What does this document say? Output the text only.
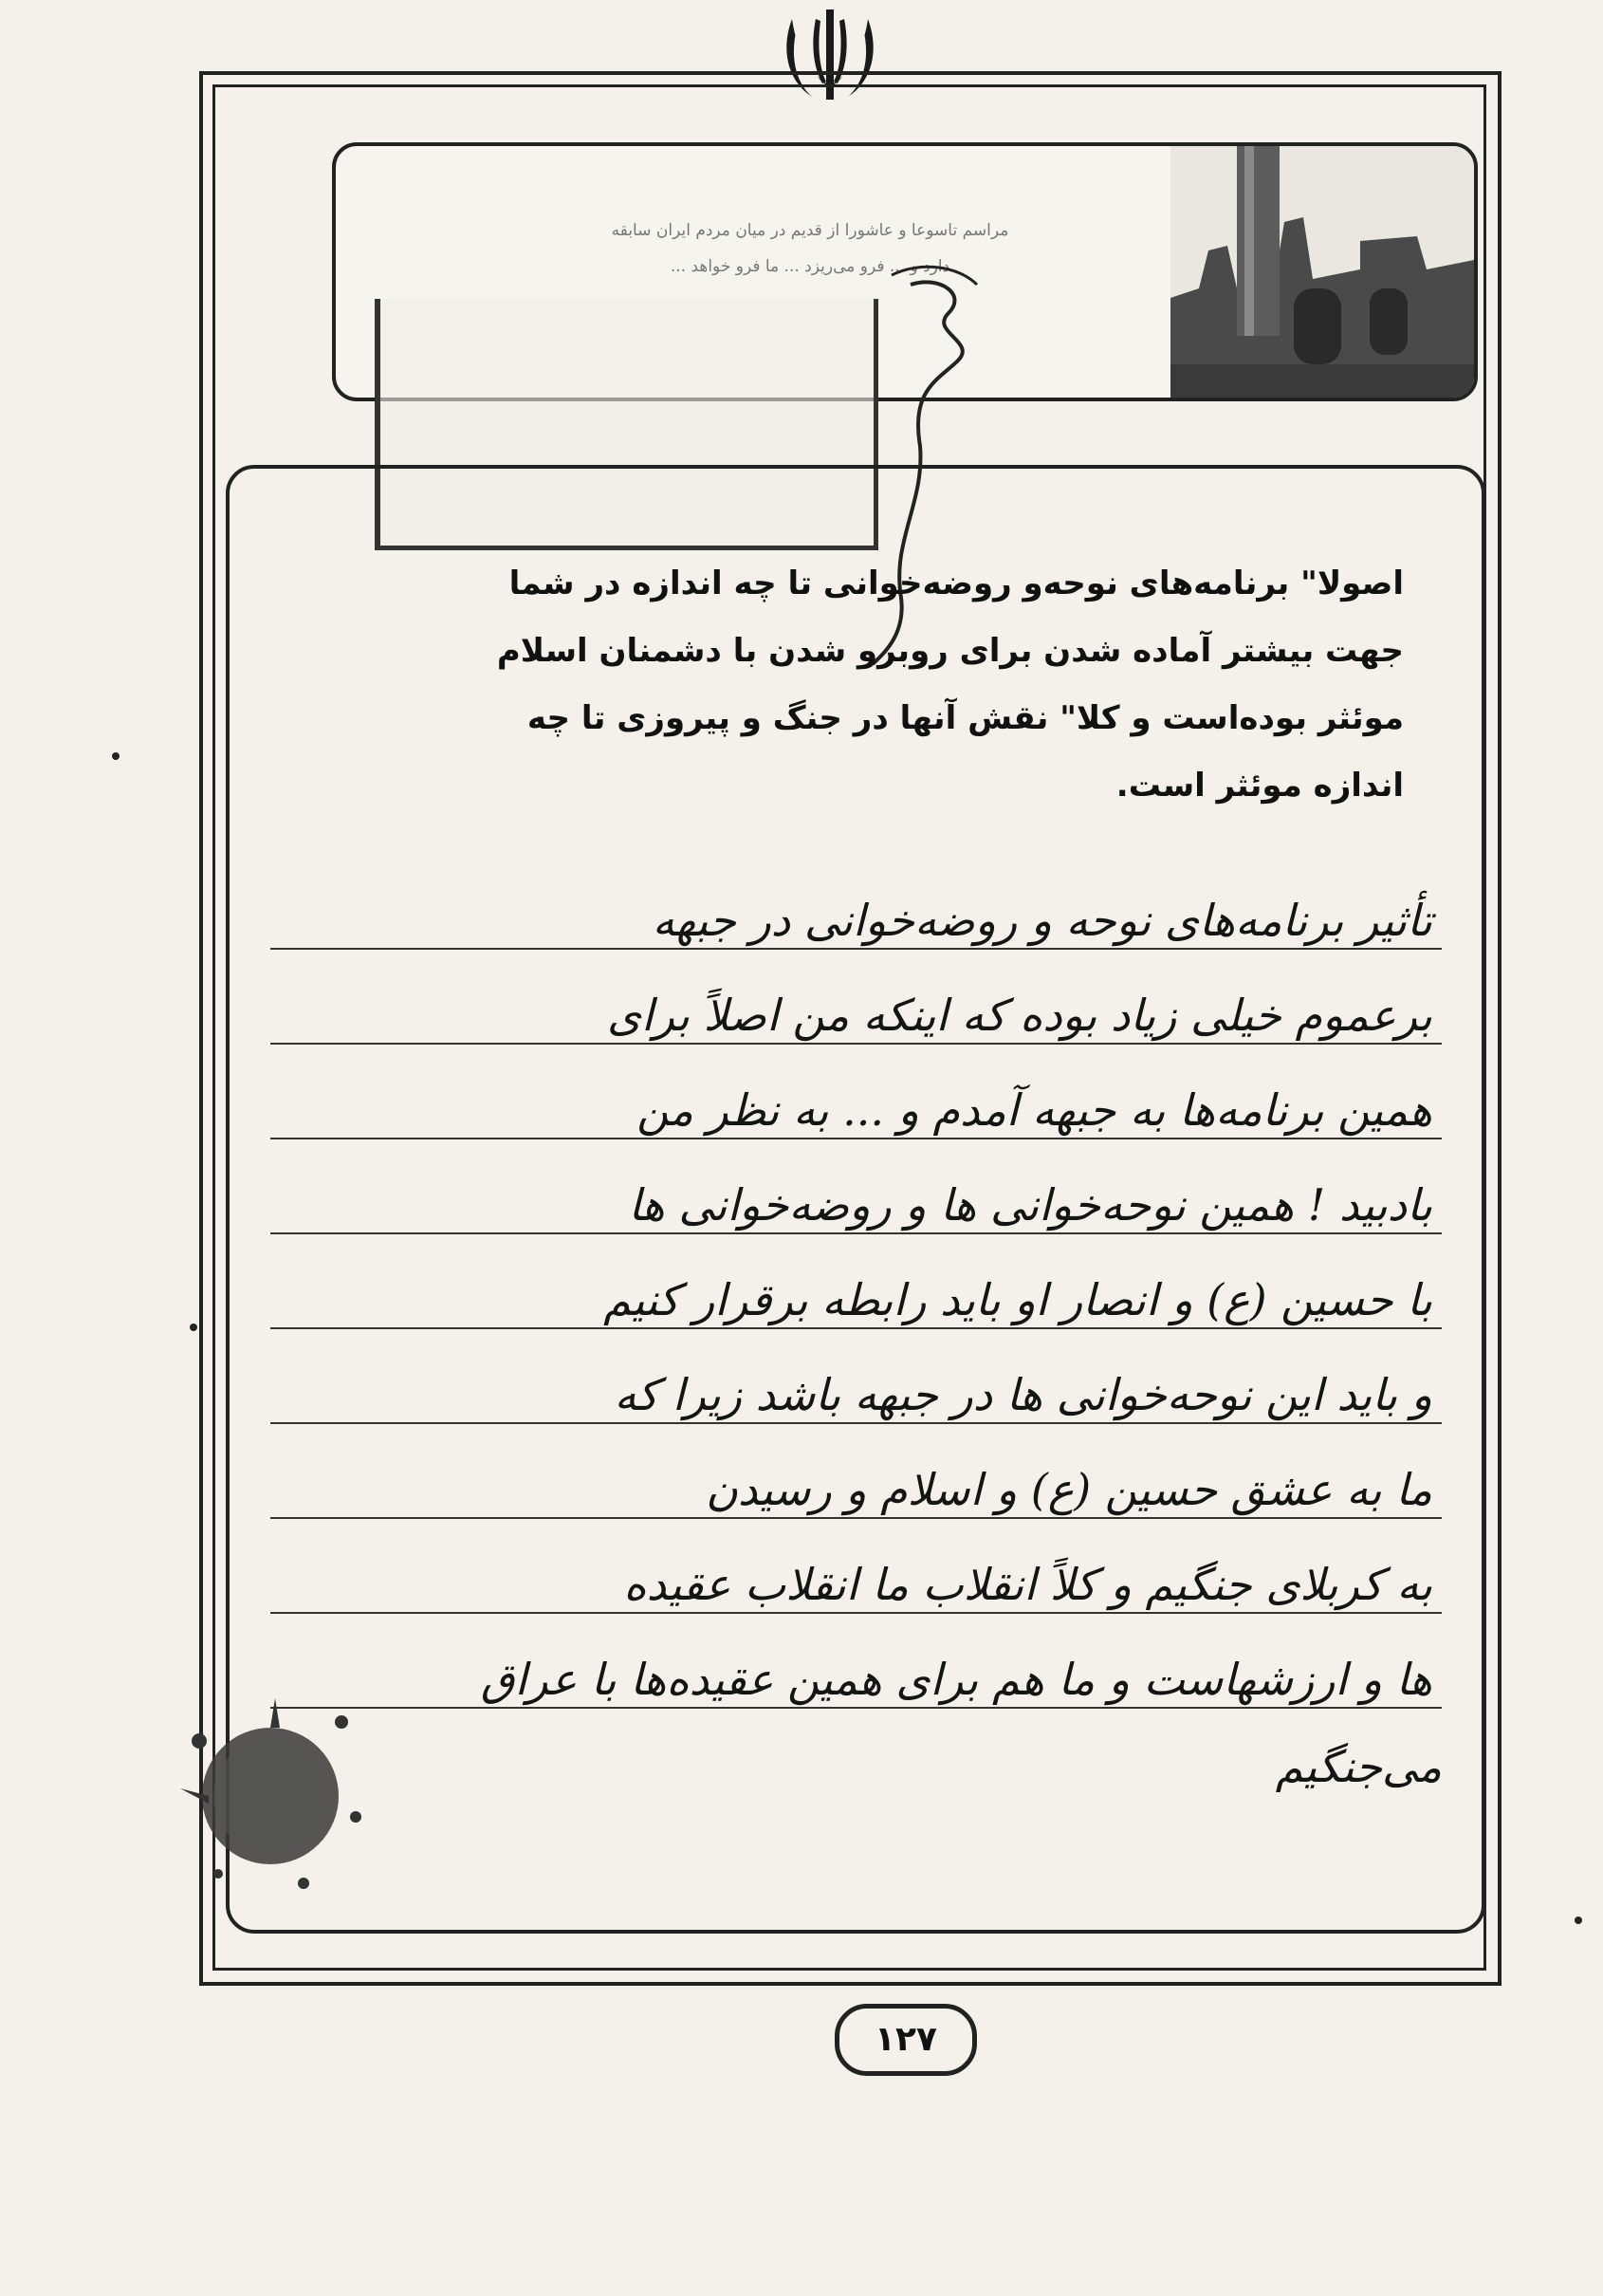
مراسم تاسوعا و عاشورا از قدیم در میان مردم ایران سابقه
دارد و ... فرو می‌ریزد ... ما فرو خواهد ...
اصولا" برنامه‌های نوحه‌و روضه‌خوانی تا چه اندازه در شما
جهت بیشتر آماده شدن برای روبرو شدن با دشمنان اسلام
موئثر بوده‌است و کلا" نقش آنها در جنگ و پیروزی تا چه
اندازه موئثر است.
تأثیر برنامه‌های نوحه و روضه‌خوانی در جبهه
برعموم خیلی زیاد بوده که اینکه من اصلاً برای
همین برنامه‌ها به جبهه آمدم و ... به نظر من
بادبید ! همین نوحه‌خوانی ها و روضه‌خوانی ها
با حسین (ع) و انصار او باید رابطه برقرار کنیم
و باید این نوحه‌خوانی ها در جبهه باشد زیرا که
ما به عشق حسین (ع) و اسلام و رسیدن
به کربلای جنگیم و کلاً انقلاب ما انقلاب عقیده
ها و ارزشهاست و ما هم برای همین عقیده‌ها با عراق
می‌جنگیم
۱۲۷
